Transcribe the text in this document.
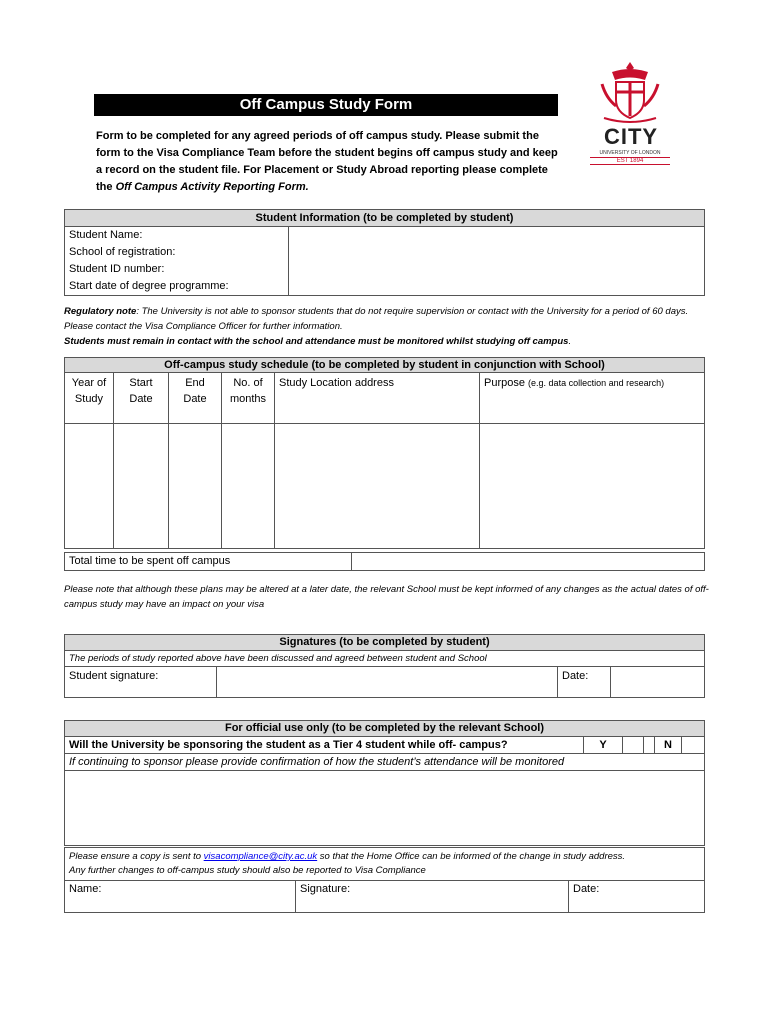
Off Campus Study Form
CITY
UNIVERSITY OF LONDON
EST 1894
Form to be completed for any agreed periods of off campus study. Please submit the form to the Visa Compliance Team before the student begins off campus study and keep a record on the student file. For Placement or Study Abroad reporting please complete the Off Campus Activity Reporting Form.
Student Information (to be completed by student)	
Student Name:	
School of registration:	
Student ID number:	
Start date of degree programme:	
Regulatory note: The University is not able to sponsor students that do not require supervision or contact with the University for a period of 60 days. Please contact the Visa Compliance Officer for further information.
Students must remain in contact with the school and attendance must be monitored whilst studying off campus.
Off-campus study schedule (to be completed by student in conjunction with School)					
Year of Study	Start Date	End Date	No. of months	Study Location address	Purpose (e.g. data collection and research)

Total time to be spent off campus	
Please note that although these plans may be altered at a later date, the relevant School must be kept informed of any changes as the actual dates of off-campus study may have an impact on your visa
Signatures (to be completed by student)
The periods of study reported above have been discussed and agreed between student and School
Student signature:		Date:	
For official use only (to be completed by the relevant School)
Will the University be sponsoring the student as a Tier 4 student while off- campus?	Y			N	
If continuing to sponsor please provide confirmation of how the student’s attendance will be monitored

Please ensure a copy is sent to visacompliance@city.ac.uk so that the Home Office can be informed of the change in study address.
Any further changes to off-campus study should also be reported to Visa Compliance
Name:	Signature:	Date:
